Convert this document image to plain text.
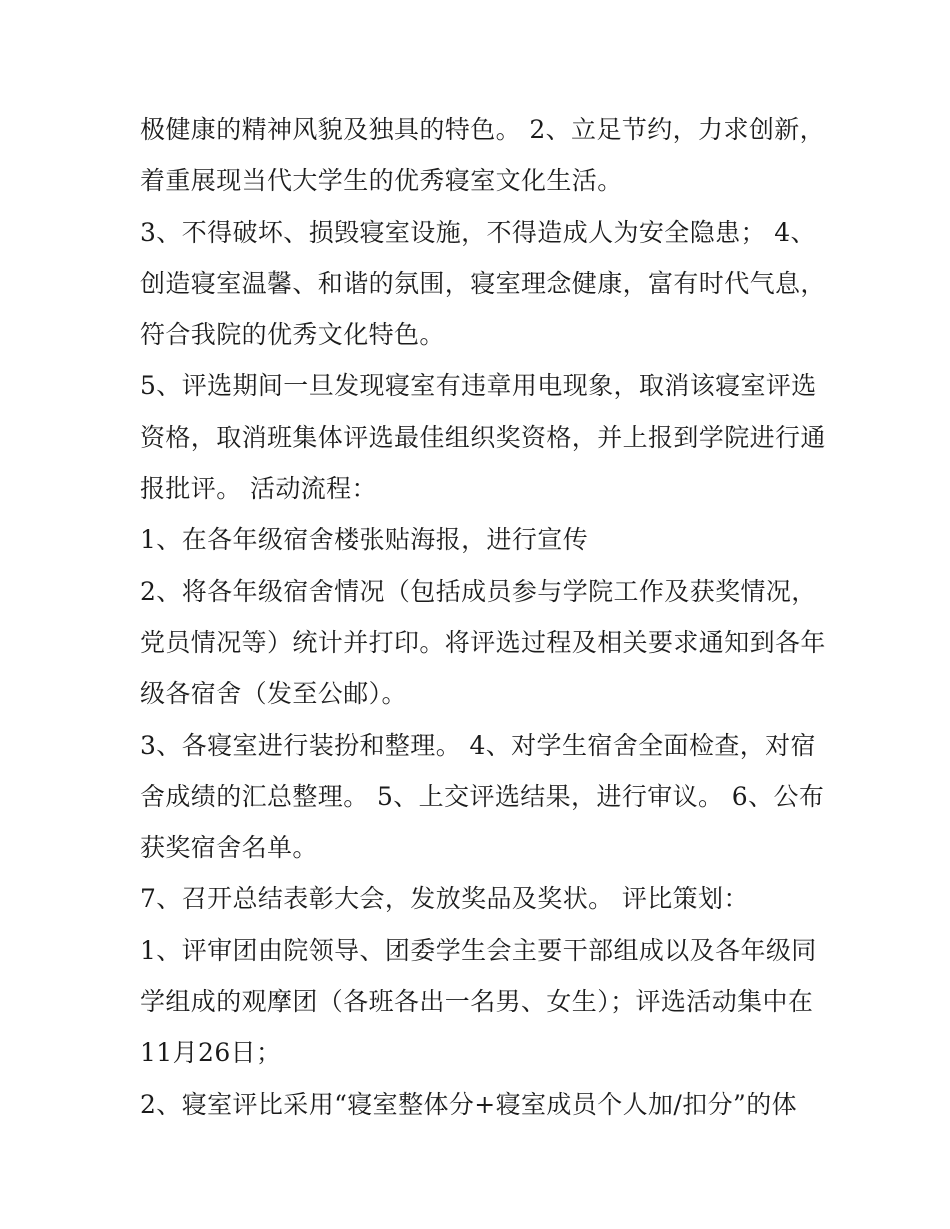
极健康的精神风貌及独具的特色。 2、立足节约，力求创新，
着重展现当代大学生的优秀寝室文化生活。
3、不得破坏、损毁寝室设施，不得造成人为安全隐患； 4、
创造寝室温馨、和谐的氛围，寝室理念健康，富有时代气息，
符合我院的优秀文化特色。
5、评选期间一旦发现寝室有违章用电现象，取消该寝室评选
资格，取消班集体评选最佳组织奖资格，并上报到学院进行通
报批评。 活动流程：
1、在各年级宿舍楼张贴海报，进行宣传
2、将各年级宿舍情况（包括成员参与学院工作及获奖情况，
党员情况等）统计并打印。将评选过程及相关要求通知到各年
级各宿舍（发至公邮）。
3、各寝室进行装扮和整理。 4、对学生宿舍全面检查，对宿
舍成绩的汇总整理。 5、上交评选结果，进行审议。 6、公布
获奖宿舍名单。
7、召开总结表彰大会，发放奖品及奖状。 评比策划：
1、评审团由院领导、团委学生会主要干部组成以及各年级同
学组成的观摩团（各班各出一名男、女生）；评选活动集中在
11月26日；
2、寝室评比采用“寝室整体分+寝室成员个人加/扣分”的体
